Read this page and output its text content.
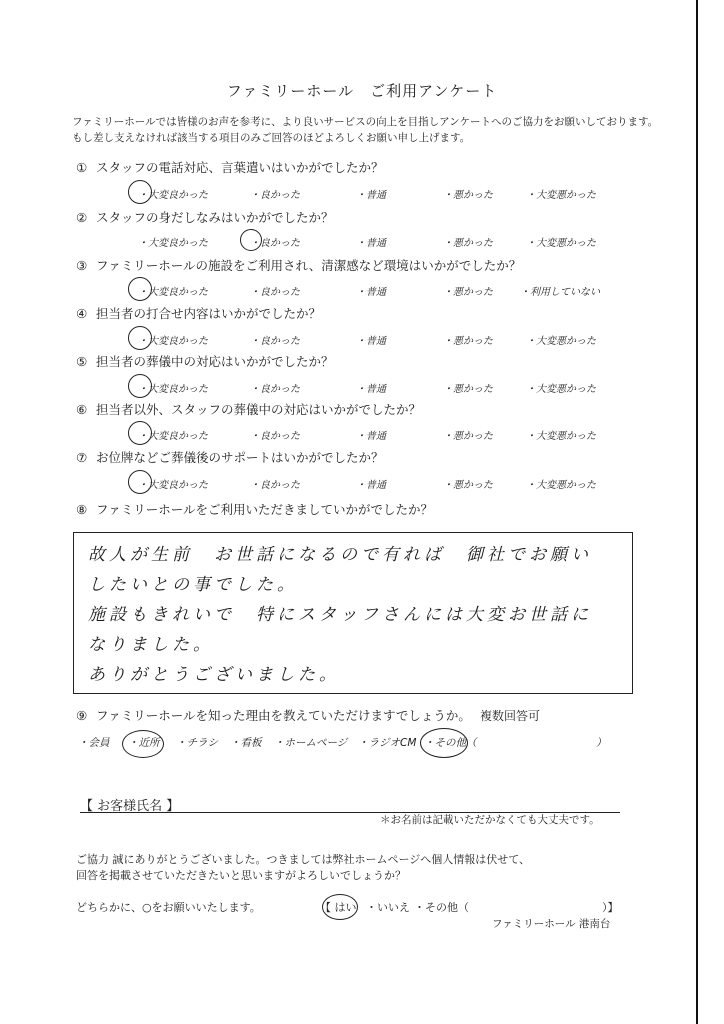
ファミリーホール　ご利用アンケート
ファミリーホールでは皆様のお声を参考に、より良いサービスの向上を目指しアンケートへのご協力をお願いしております。
もし差し支えなければ該当する項目のみご回答のほどよろしくお願い申し上げます。
① スタッフの電話対応、言葉遣いはいかがでしたか？
・大変良かった	・良かった	・普通	・悪かった	・大変悪かった
② スタッフの身だしなみはいかがでしたか？
・大変良かった	・良かった	・普通	・悪かった	・大変悪かった
③ ファミリーホールの施設をご利用され、清潔感など環境はいかがでしたか？
・大変良かった	・良かった	・普通	・悪かった	・利用していない
④ 担当者の打合せ内容はいかがでしたか？
・大変良かった	・良かった	・普通	・悪かった	・大変悪かった
⑤ 担当者の葬儀中の対応はいかがでしたか？
・大変良かった	・良かった	・普通	・悪かった	・大変悪かった
⑥ 担当者以外、スタッフの葬儀中の対応はいかがでしたか？
・大変良かった	・良かった	・普通	・悪かった	・大変悪かった
⑦ お位牌などご葬儀後のサポートはいかがでしたか？
・大変良かった	・良かった	・普通	・悪かった	・大変悪かった
⑧ ファミリーホールをご利用いただきましていかがでしたか？
故人が生前　お世話になるので有れば　御社でお願い
したいとの事でした。
施設もきれいで　特にスタッフさんには大変お世話に
なりました。
ありがとうございました。
⑨ ファミリーホールを知った理由を教えていただけますでしょうか。 複数回答可
・会員 ・近所 ・チラシ ・看板 ・ホームページ ・ラジオCM ・その他（	）
【 お客様氏名 】
＊お名前は記載いただかなくても大丈夫です。
ご協力 誠にありがとうございました。つきましては弊社ホームページへ個人情報は伏せて、
回答を掲載させていただきたいと思いますがよろしいでしょうか？
どちらかに、○をお願いいたします。	【 はい ・いいえ ・その他（	）】
ファミリーホール 港南台
